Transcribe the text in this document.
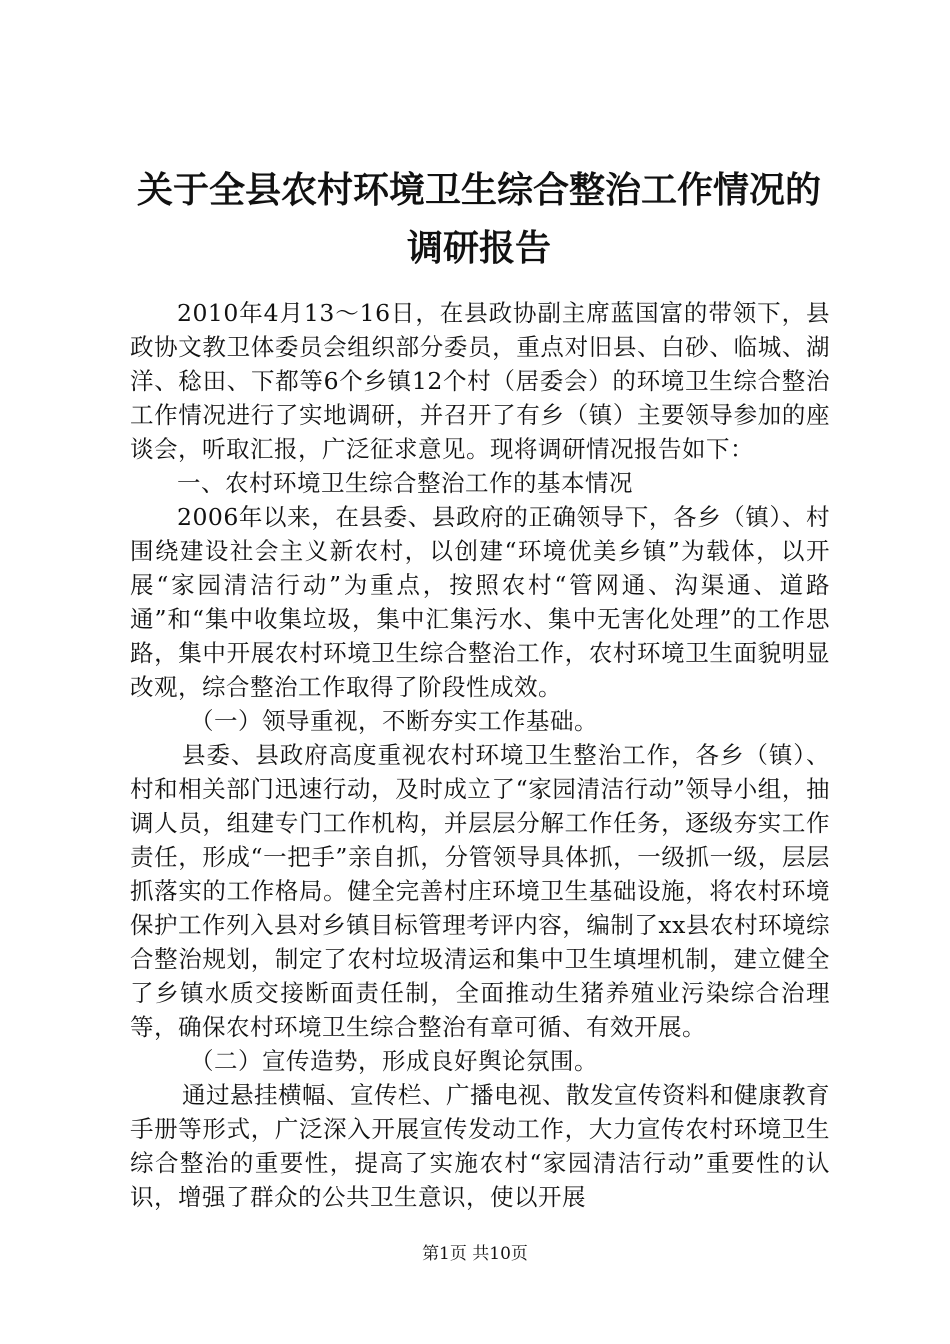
关于全县农村环境卫生综合整治工作情况的调研报告

2010年4月13～16日，在县政协副主席蓝国富的带领下，县政协文教卫体委员会组织部分委员，重点对旧县、白砂、临城、湖洋、稔田、下都等6个乡镇12个村（居委会）的环境卫生综合整治工作情况进行了实地调研，并召开了有乡（镇）主要领导参加的座谈会，听取汇报，广泛征求意见。现将调研情况报告如下：

一、农村环境卫生综合整治工作的基本情况

2006年以来，在县委、县政府的正确领导下，各乡（镇）、村围绕建设社会主义新农村，以创建“环境优美乡镇”为载体，以开展“家园清洁行动”为重点，按照农村“管网通、沟渠通、道路通”和“集中收集垃圾，集中汇集污水、集中无害化处理”的工作思路，集中开展农村环境卫生综合整治工作，农村环境卫生面貌明显改观，综合整治工作取得了阶段性成效。

（一）领导重视，不断夯实工作基础。

县委、县政府高度重视农村环境卫生整治工作，各乡（镇）、村和相关部门迅速行动，及时成立了“家园清洁行动”领导小组，抽调人员，组建专门工作机构，并层层分解工作任务，逐级夯实工作责任，形成“一把手”亲自抓，分管领导具体抓，一级抓一级，层层抓落实的工作格局。健全完善村庄环境卫生基础设施，将农村环境保护工作列入县对乡镇目标管理考评内容，编制了xx县农村环境综合整治规划，制定了农村垃圾清运和集中卫生填埋机制，建立健全了乡镇水质交接断面责任制，全面推动生猪养殖业污染综合治理等，确保农村环境卫生综合整治有章可循、有效开展。

（二）宣传造势，形成良好舆论氛围。

通过悬挂横幅、宣传栏、广播电视、散发宣传资料和健康教育手册等形式，广泛深入开展宣传发动工作，大力宣传农村环境卫生综合整治的重要性，提高了实施农村“家园清洁行动”重要性的认识，增强了群众的公共卫生意识，使以开展

第1页 共10页
